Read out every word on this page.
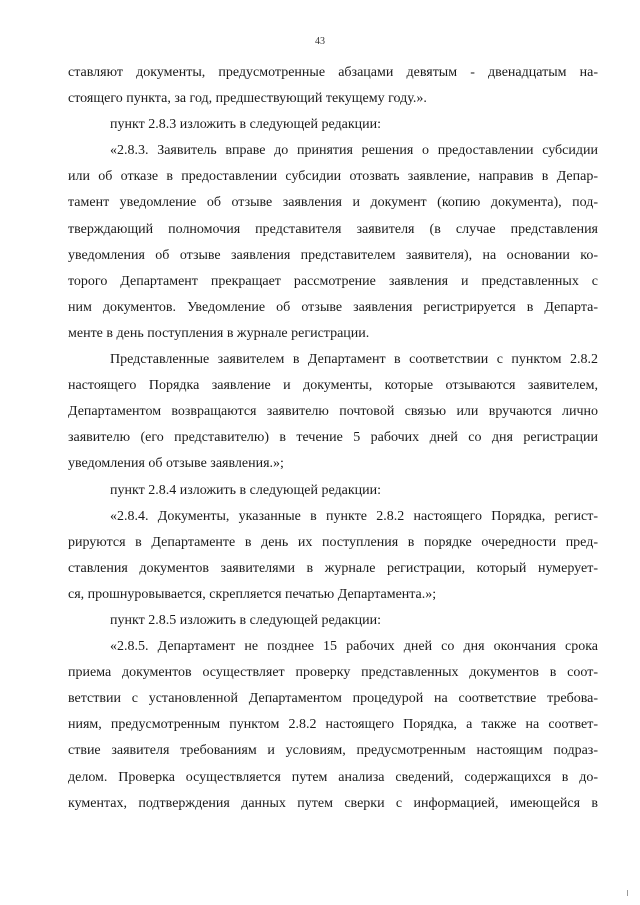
43
ставляют документы, предусмотренные абзацами девятым - двенадцатым на-
стоящего пункта, за год, предшествующий текущему году.».
пункт 2.8.3 изложить в следующей редакции:
«2.8.3. Заявитель вправе до принятия решения о предоставлении субсидии
или об отказе в предоставлении субсидии отозвать заявление, направив в Депар-
тамент уведомление об отзыве заявления и документ (копию документа), под-
тверждающий полномочия представителя заявителя (в случае представления
уведомления об отзыве заявления представителем заявителя), на основании ко-
торого Департамент прекращает рассмотрение заявления и представленных с
ним документов. Уведомление об отзыве заявления регистрируется в Департа-
менте в день поступления в журнале регистрации.
Представленные заявителем в Департамент в соответствии с пунктом 2.8.2
настоящего Порядка заявление и документы, которые отзываются заявителем,
Департаментом возвращаются заявителю почтовой связью или вручаются лично
заявителю (его представителю) в течение 5 рабочих дней со дня регистрации
уведомления об отзыве заявления.»;
пункт 2.8.4 изложить в следующей редакции:
«2.8.4. Документы, указанные в пункте 2.8.2 настоящего Порядка, регист-
рируются в Департаменте в день их поступления в порядке очередности пред-
ставления документов заявителями в журнале регистрации, который нумерует-
ся, прошнуровывается, скрепляется печатью Департамента.»;
пункт 2.8.5 изложить в следующей редакции:
«2.8.5. Департамент не позднее 15 рабочих дней со дня окончания срока
приема документов осуществляет проверку представленных документов в соот-
ветствии с установленной Департаментом процедурой на соответствие требова-
ниям, предусмотренным пунктом 2.8.2 настоящего Порядка, а также на соответ-
ствие заявителя требованиям и условиям, предусмотренным настоящим подраз-
делом. Проверка осуществляется путем анализа сведений, содержащихся в до-
кументах, подтверждения данных путем сверки с информацией, имеющейся в
